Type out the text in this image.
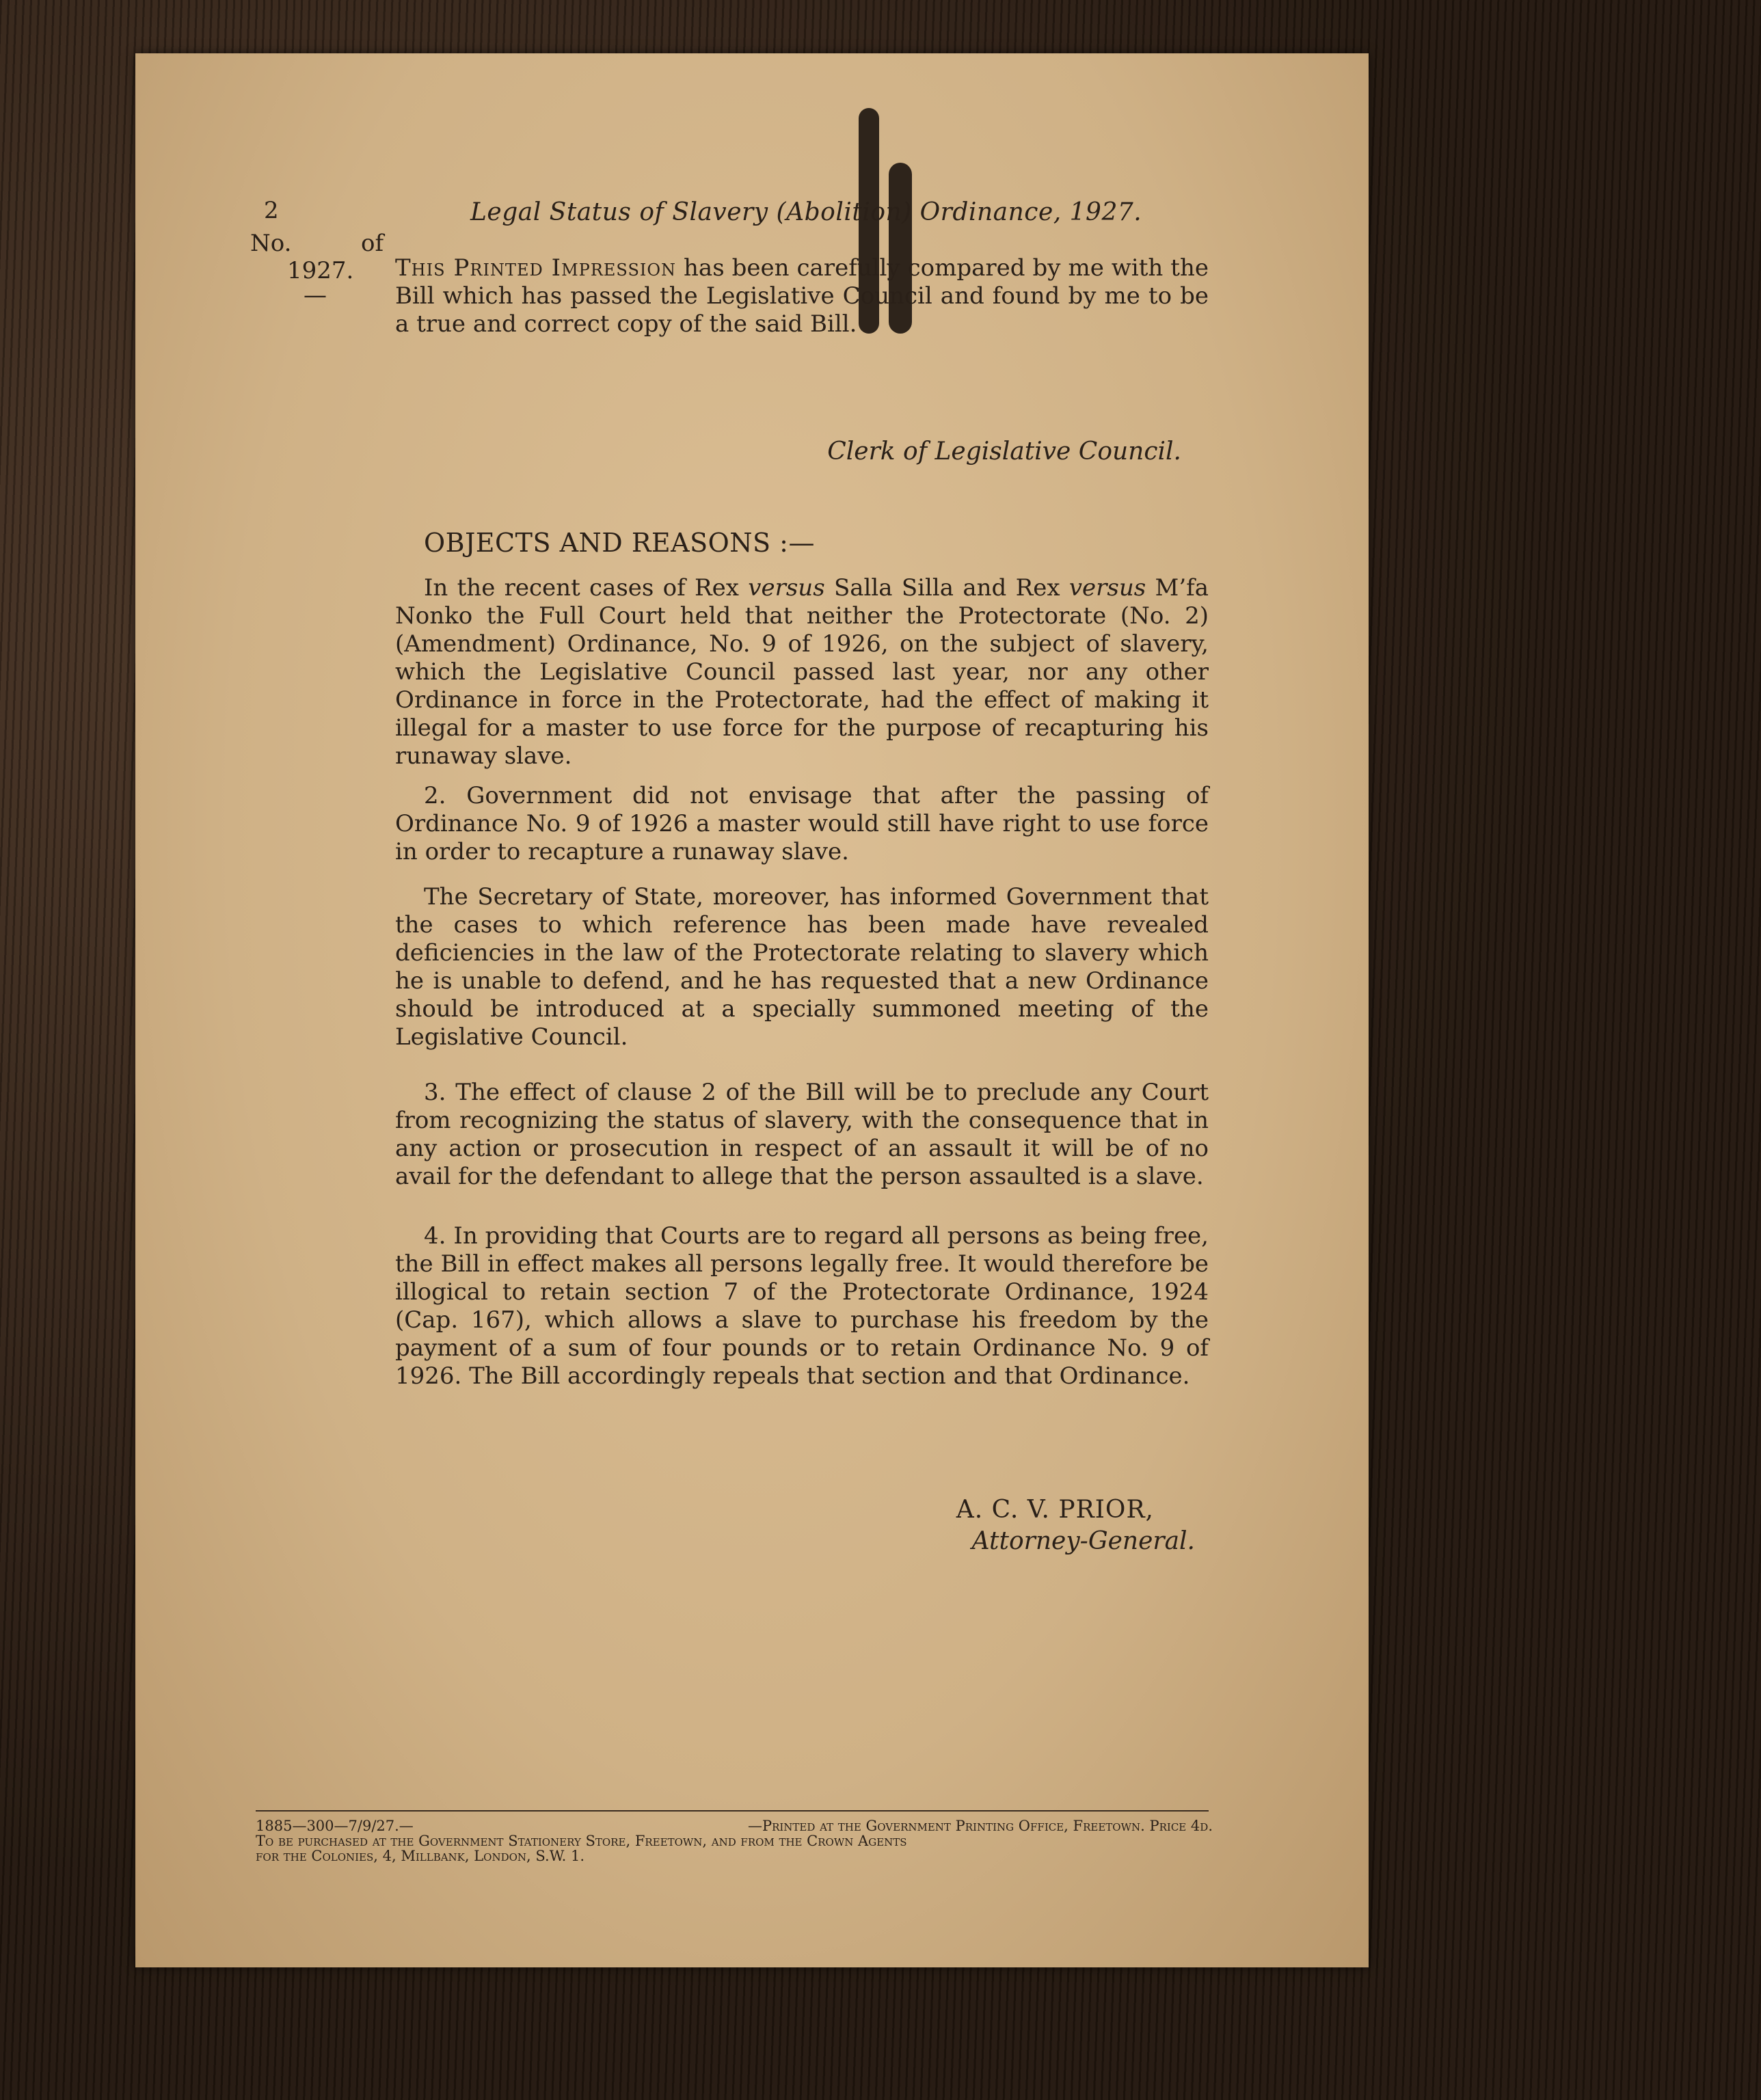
2
No.	of
1927.
—
Legal Status of Slavery (Abolition) Ordinance, 1927.
This Printed Impression has been carefully compared by me with the Bill which has passed the Legislative Council and found by me to be a true and correct copy of the said Bill.
Clerk of Legislative Council.
OBJECTS AND REASONS :—
In the recent cases of Rex versus Salla Silla and Rex versus M’fa Nonko the Full Court held that neither the Protectorate (No. 2) (Amendment) Ordinance, No. 9 of 1926, on the subject of slavery, which the Legislative Council passed last year, nor any other Ordinance in force in the Protectorate, had the effect of making it illegal for a master to use force for the purpose of recapturing his runaway slave.
2. Government did not envisage that after the passing of Ordinance No. 9 of 1926 a master would still have right to use force in order to recapture a runaway slave.
The Secretary of State, moreover, has informed Government that the cases to which reference has been made have revealed deficiencies in the law of the Protectorate relating to slavery which he is unable to defend, and he has requested that a new Ordinance should be introduced at a specially summoned meeting of the Legislative Council.
3. The effect of clause 2 of the Bill will be to preclude any Court from recognizing the status of slavery, with the consequence that in any action or prosecution in respect of an assault it will be of no avail for the defendant to allege that the person assaulted is a slave.
4. In providing that Courts are to regard all persons as being free, the Bill in effect makes all persons legally free. It would therefore be illogical to retain section 7 of the Protectorate Ordinance, 1924 (Cap. 167), which allows a slave to purchase his freedom by the payment of a sum of four pounds or to retain Ordinance No. 9 of 1926. The Bill accordingly repeals that section and that Ordinance.
A. C. V. PRIOR,
Attorney-General.
1885—300—7/9/27.—	—Printed at the Government Printing Office, Freetown. Price 4d.
To be purchased at the Government Stationery Store, Freetown, and from the Crown Agents
for the Colonies, 4, Millbank, London, S.W. 1.
